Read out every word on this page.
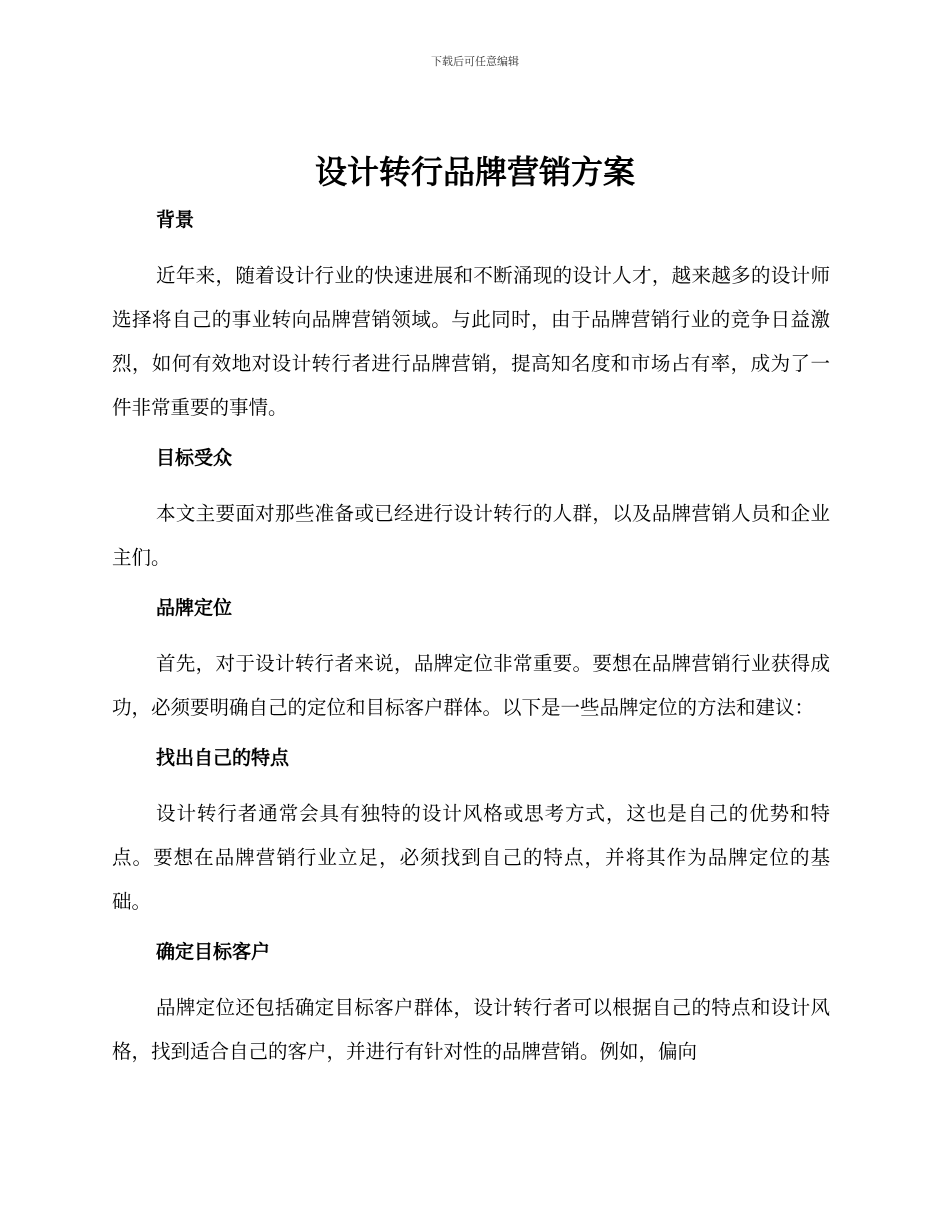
下载后可任意编辑
设计转行品牌营销方案
背景

近年来，随着设计行业的快速进展和不断涌现的设计人才，越来越多的设计师选择将自己的事业转向品牌营销领域。与此同时，由于品牌营销行业的竞争日益激烈，如何有效地对设计转行者进行品牌营销，提高知名度和市场占有率，成为了一件非常重要的事情。

目标受众

本文主要面对那些准备或已经进行设计转行的人群，以及品牌营销人员和企业主们。

品牌定位

首先，对于设计转行者来说，品牌定位非常重要。要想在品牌营销行业获得成功，必须要明确自己的定位和目标客户群体。以下是一些品牌定位的方法和建议：

找出自己的特点

设计转行者通常会具有独特的设计风格或思考方式，这也是自己的优势和特点。要想在品牌营销行业立足，必须找到自己的特点，并将其作为品牌定位的基础。

确定目标客户

品牌定位还包括确定目标客户群体，设计转行者可以根据自己的特点和设计风格，找到适合自己的客户，并进行有针对性的品牌营销。例如，偏向
